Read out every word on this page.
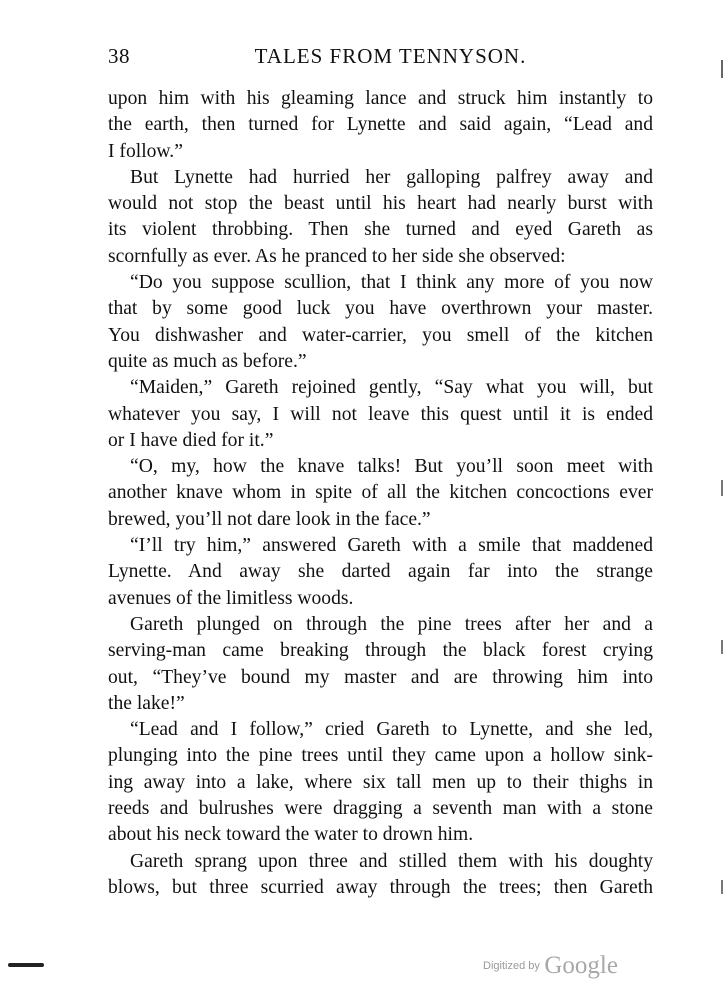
38	TALES FROM TENNYSON.
upon him with his gleaming lance and struck him instantly to
the earth, then turned for Lynette and said again, “Lead and
I follow.”
But Lynette had hurried her galloping palfrey away and
would not stop the beast until his heart had nearly burst with
its violent throbbing. Then she turned and eyed Gareth as
scornfully as ever. As he pranced to her side she observed:
“Do you suppose scullion, that I think any more of you now
that by some good luck you have overthrown your master.
You dishwasher and water-carrier, you smell of the kitchen
quite as much as before.”
“Maiden,” Gareth rejoined gently, “Say what you will, but
whatever you say, I will not leave this quest until it is ended
or I have died for it.”
“O, my, how the knave talks! But you’ll soon meet with
another knave whom in spite of all the kitchen concoctions ever
brewed, you’ll not dare look in the face.”
“I’ll try him,” answered Gareth with a smile that maddened
Lynette. And away she darted again far into the strange
avenues of the limitless woods.
Gareth plunged on through the pine trees after her and a
serving-man came breaking through the black forest crying
out, “They’ve bound my master and are throwing him into
the lake!”
“Lead and I follow,” cried Gareth to Lynette, and she led,
plunging into the pine trees until they came upon a hollow sink-
ing away into a lake, where six tall men up to their thighs in
reeds and bulrushes were dragging a seventh man with a stone
about his neck toward the water to drown him.
Gareth sprang upon three and stilled them with his doughty
blows, but three scurried away through the trees; then Gareth
Digitized by Google
